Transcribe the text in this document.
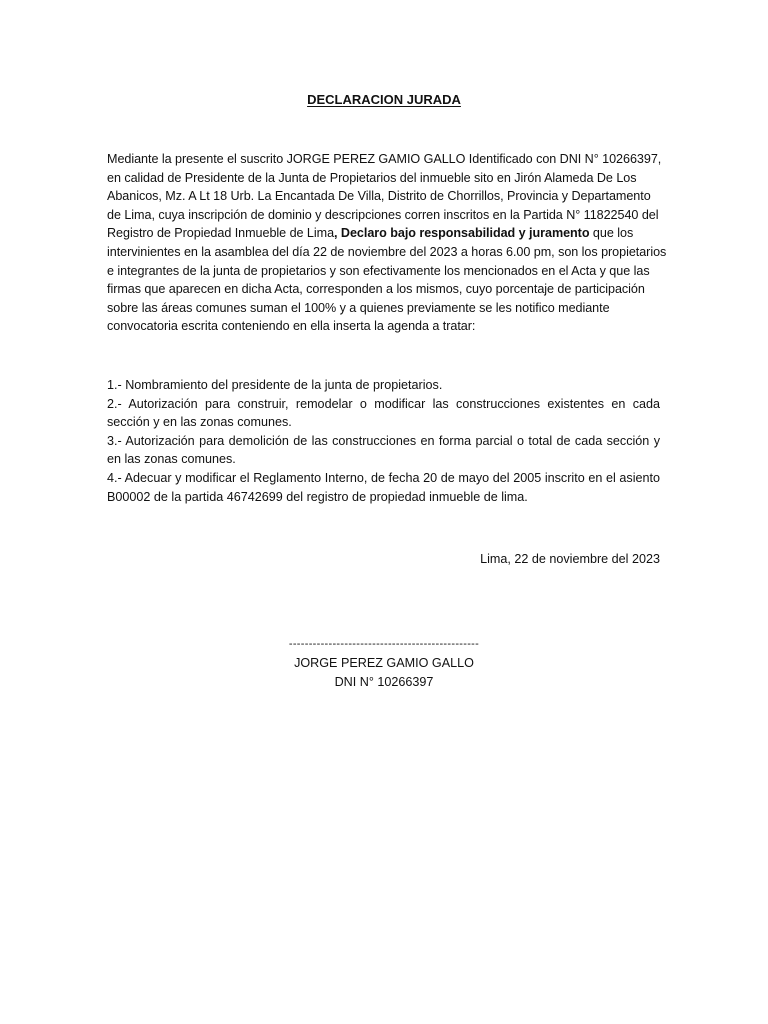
DECLARACION JURADA
Mediante la presente el suscrito JORGE PEREZ GAMIO GALLO Identificado con DNI N° 10266397, en calidad de Presidente de la Junta de Propietarios del inmueble sito en Jirón Alameda De Los Abanicos, Mz. A Lt 18 Urb. La Encantada De Villa, Distrito de Chorrillos, Provincia y Departamento de Lima, cuya inscripción de dominio y descripciones corren inscritos en la Partida N° 11822540 del Registro de Propiedad Inmueble de Lima, Declaro bajo responsabilidad y juramento que los intervinientes en la asamblea del día 22 de noviembre del 2023 a horas 6.00 pm, son los propietarios e integrantes de la junta de propietarios y son efectivamente los mencionados en el Acta y que las firmas que aparecen en dicha Acta, corresponden a los mismos, cuyo porcentaje de participación sobre las áreas comunes suman el 100% y a quienes previamente se les notifico mediante convocatoria escrita conteniendo en ella inserta la agenda a tratar:

1.- Nombramiento del presidente de la junta de propietarios.

2.- Autorización para construir, remodelar o modificar las construcciones existentes en cada sección y en las zonas comunes.

3.- Autorización para demolición de las construcciones en forma parcial o total de cada sección y en las zonas comunes.

4.- Adecuar y modificar el Reglamento Interno, de fecha 20 de mayo del 2005 inscrito en el asiento B00002 de la partida 46742699 del registro de propiedad inmueble de lima.

Lima, 22 de noviembre del 2023
------------------------------------------------
JORGE PEREZ GAMIO GALLO
DNI N° 10266397
